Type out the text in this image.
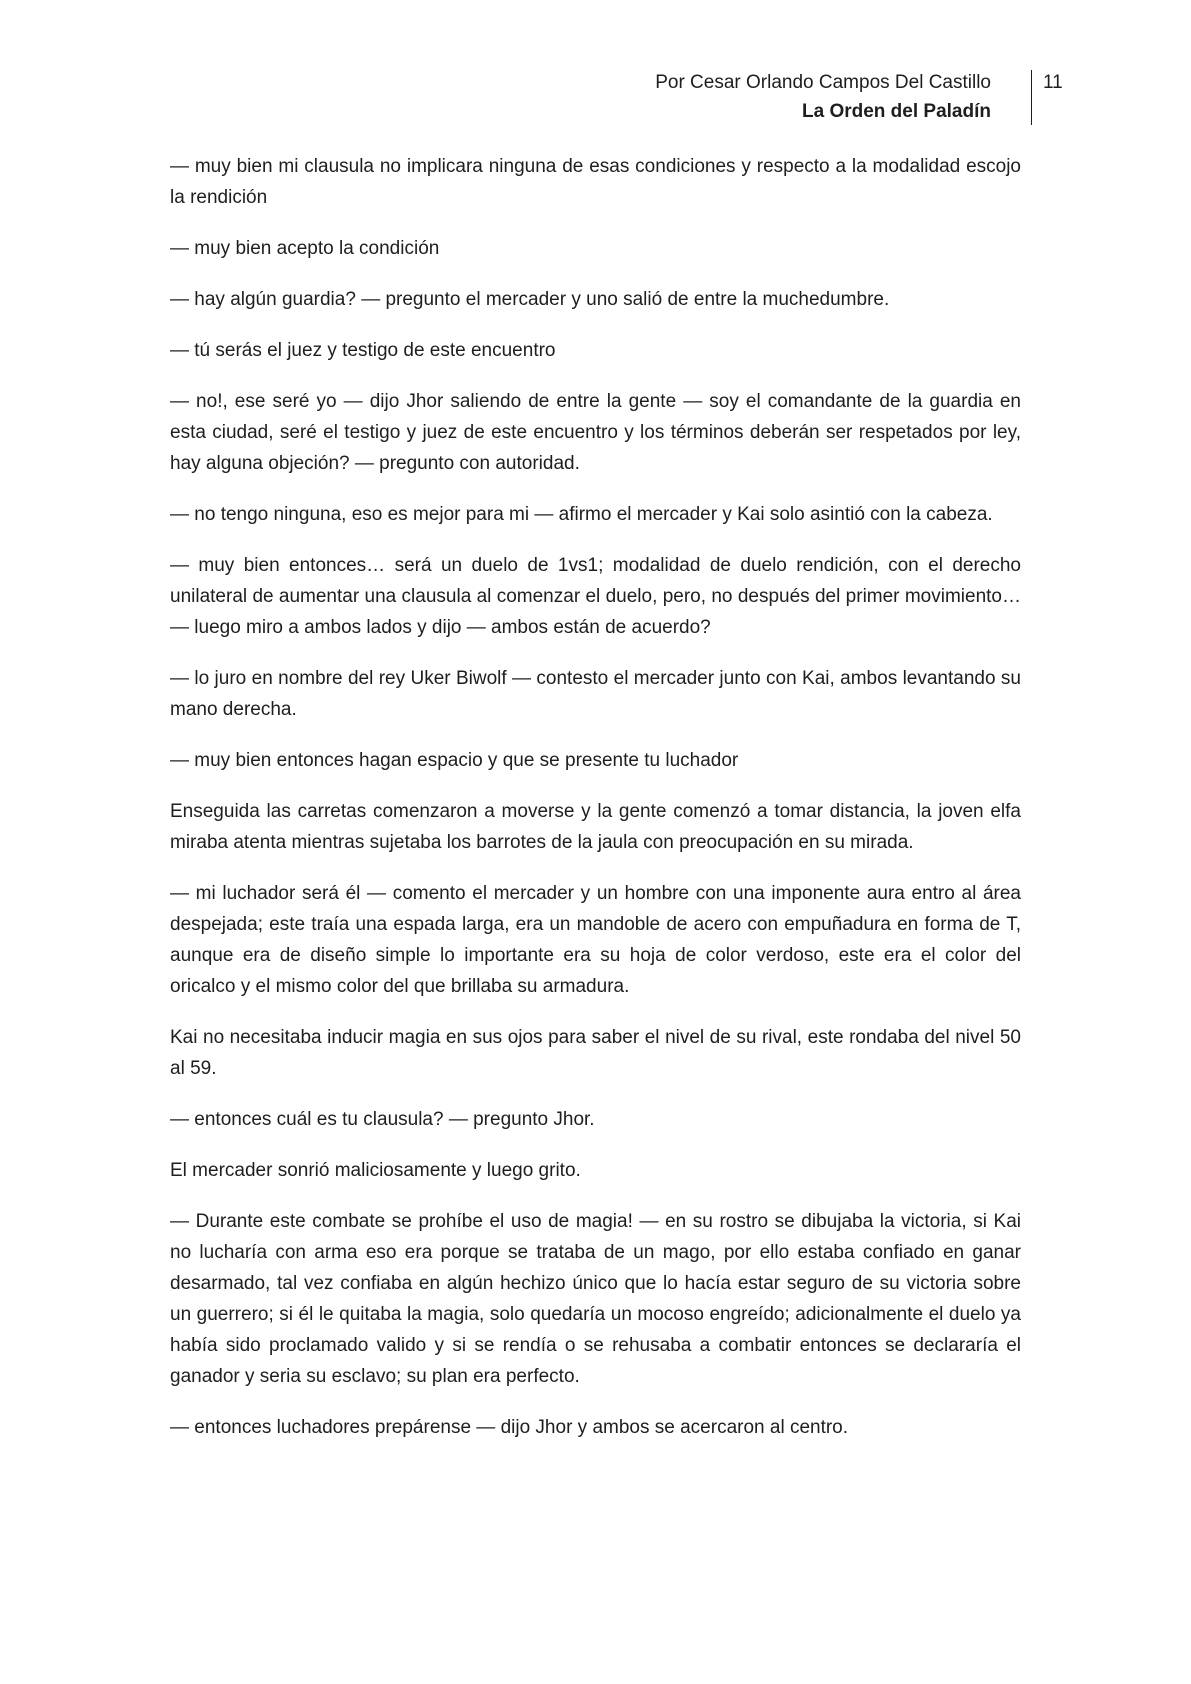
Por Cesar Orlando Campos Del Castillo
La Orden del Paladín
11

— muy bien mi clausula no implicara ninguna de esas condiciones y respecto a la modalidad escojo la rendición

— muy bien acepto la condición

— hay algún guardia? — pregunto el mercader y uno salió de entre la muchedumbre.

— tú serás el juez y testigo de este encuentro

— no!, ese seré yo — dijo Jhor saliendo de entre la gente — soy el comandante de la guardia en esta ciudad, seré el testigo y juez de este encuentro y los términos deberán ser respetados por ley, hay alguna objeción? — pregunto con autoridad.

— no tengo ninguna, eso es mejor para mi — afirmo el mercader y Kai solo asintió con la cabeza.

— muy bien entonces… será un duelo de 1vs1; modalidad de duelo rendición, con el derecho unilateral de aumentar una clausula al comenzar el duelo, pero, no después del primer movimiento… — luego miro a ambos lados y dijo — ambos están de acuerdo?

— lo juro en nombre del rey Uker Biwolf — contesto el mercader junto con Kai, ambos levantando su mano derecha.

— muy bien entonces hagan espacio y que se presente tu luchador

Enseguida las carretas comenzaron a moverse y la gente comenzó a tomar distancia, la joven elfa miraba atenta mientras sujetaba los barrotes de la jaula con preocupación en su mirada.

— mi luchador será él — comento el mercader y un hombre con una imponente aura entro al área despejada; este traía una espada larga, era un mandoble de acero con empuñadura en forma de T, aunque era de diseño simple lo importante era su hoja de color verdoso, este era el color del oricalco y el mismo color del que brillaba su armadura.

Kai no necesitaba inducir magia en sus ojos para saber el nivel de su rival, este rondaba del nivel 50 al 59.

— entonces cuál es tu clausula? — pregunto Jhor.

El mercader sonrió maliciosamente y luego grito.

— Durante este combate se prohíbe el uso de magia! — en su rostro se dibujaba la victoria, si Kai no lucharía con arma eso era porque se trataba de un mago, por ello estaba confiado en ganar desarmado, tal vez confiaba en algún hechizo único que lo hacía estar seguro de su victoria sobre un guerrero; si él le quitaba la magia, solo quedaría un mocoso engreído; adicionalmente el duelo ya había sido proclamado valido y si se rendía o se rehusaba a combatir entonces se declararía el ganador y seria su esclavo; su plan era perfecto.

— entonces luchadores prepárense — dijo Jhor y ambos se acercaron al centro.
